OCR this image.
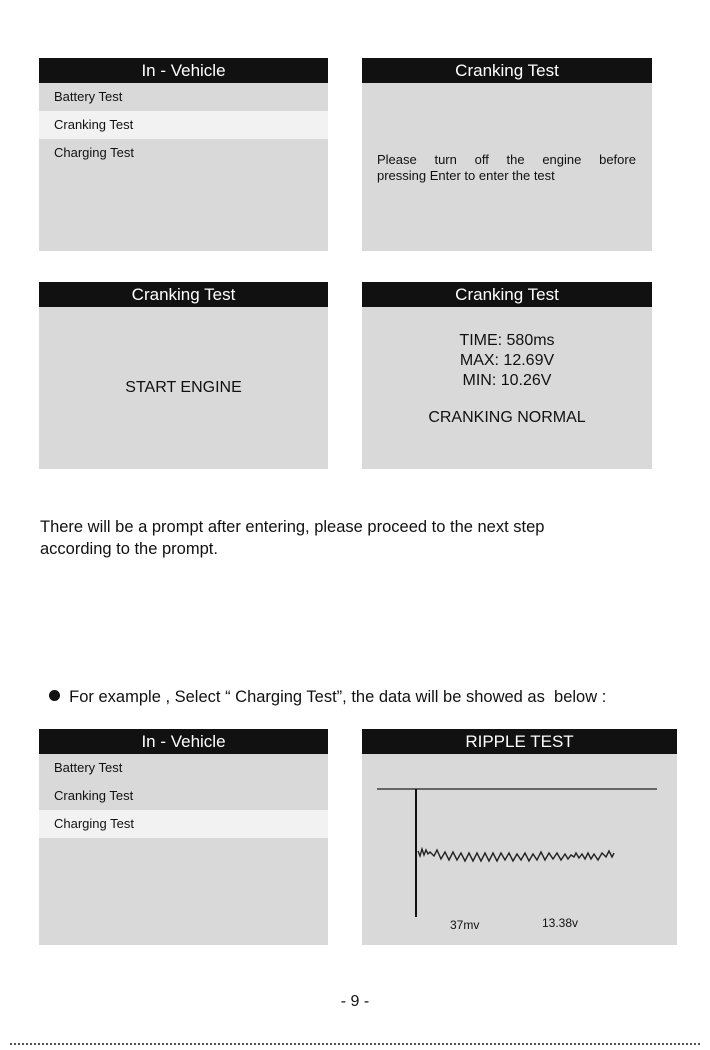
In - Vehicle
Battery Test
Cranking Test
Charging Test
Cranking Test
Please turn off the engine before
pressing Enter to enter the test
Cranking Test
START ENGINE
Cranking Test
TIME: 580ms
MAX: 12.69V
MIN: 10.26V
CRANKING NORMAL
There will be a prompt after entering, please proceed to the next step
according to the prompt.

For example , Select “ Charging Test”, the data will be showed as  below :

In - Vehicle
Battery Test
Cranking Test
Charging Test
RIPPLE TEST
37mv	13.38v
- 9 -
